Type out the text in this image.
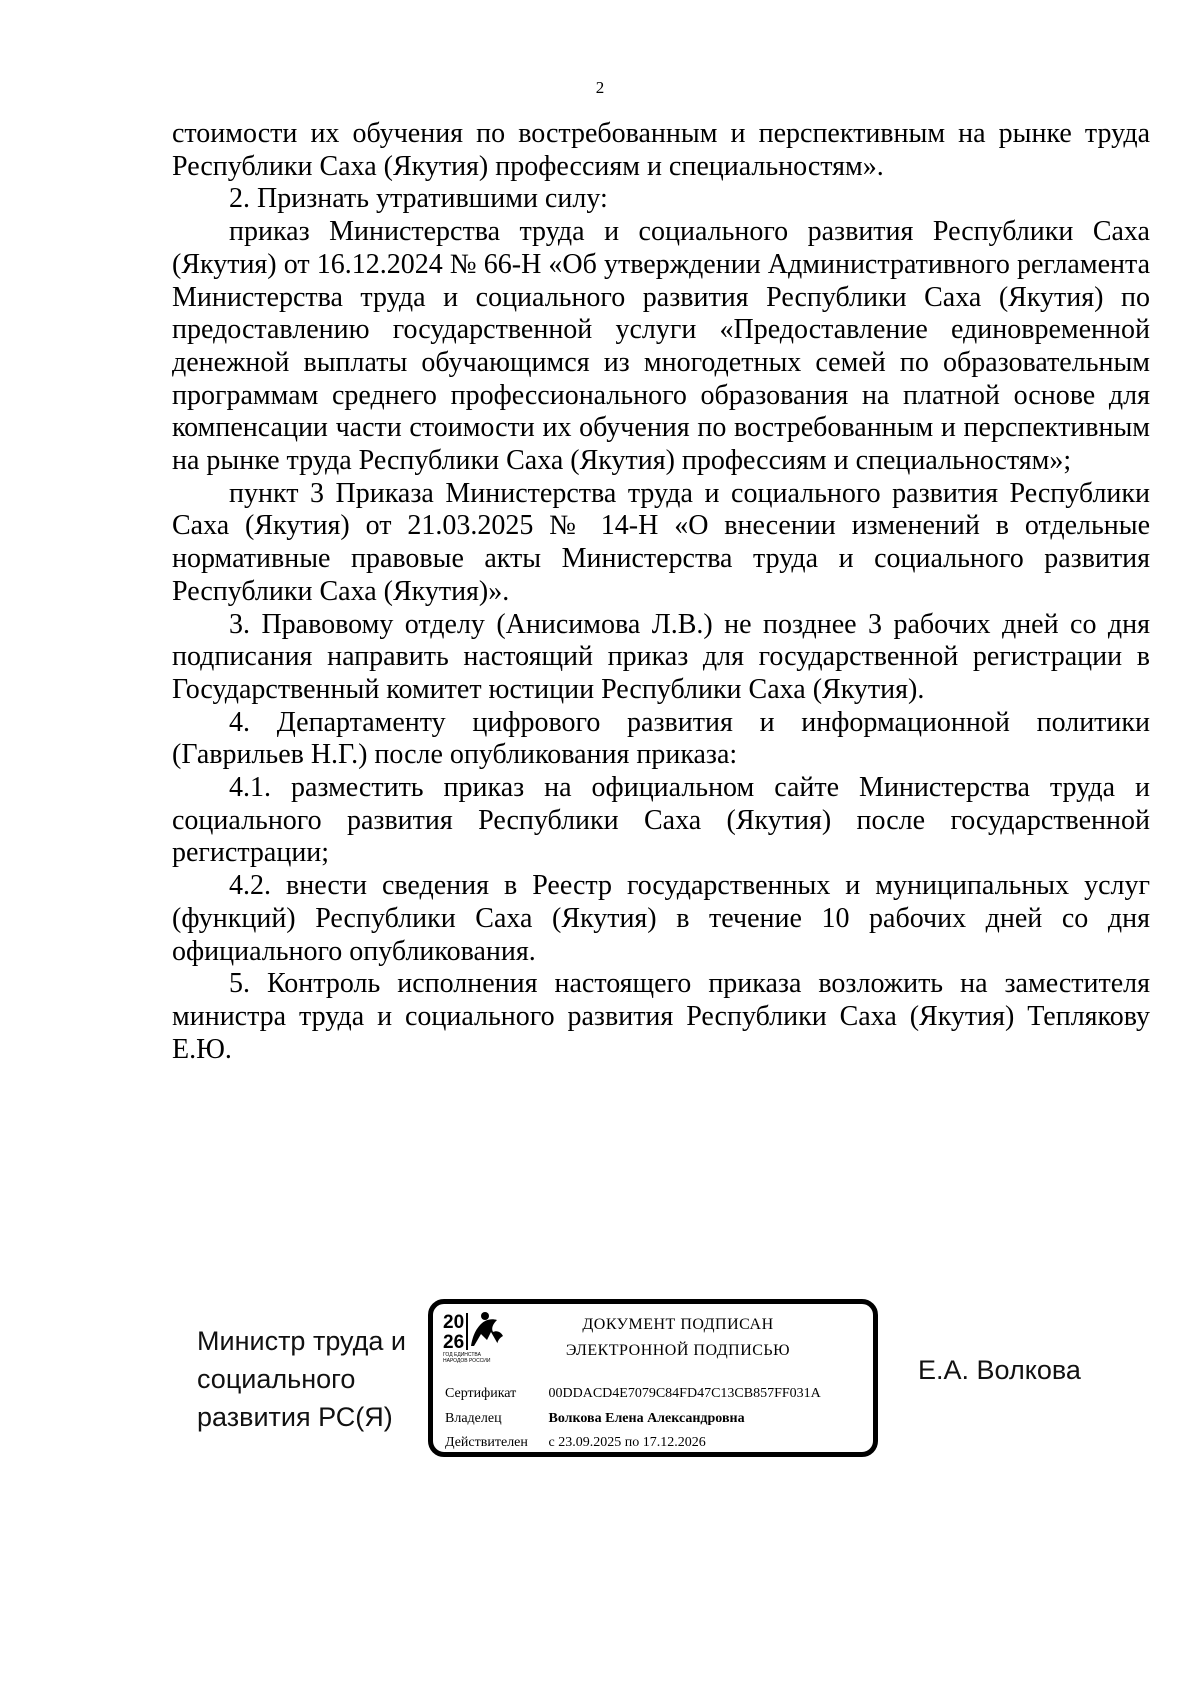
2

стоимости их обучения по востребованным и перспективным на рынке труда Республики Саха (Якутия) профессиям и специальностям».

2. Признать утратившими силу:

приказ Министерства труда и социального развития Республики Саха (Якутия) от 16.12.2024 № 66-Н «Об утверждении Административного регламента Министерства труда и социального развития Республики Саха (Якутия) по предоставлению государственной услуги «Предоставление единовременной денежной выплаты обучающимся из многодетных семей по образовательным программам среднего профессионального образования на платной основе для компенсации части стоимости их обучения по востребованным и перспективным на рынке труда Республики Саха (Якутия) профессиям и специальностям»;

пункт 3 Приказа Министерства труда и социального развития Республики Саха (Якутия) от 21.03.2025 № 14-Н «О внесении изменений в отдельные нормативные правовые акты Министерства труда и социального развития Республики Саха (Якутия)».

3. Правовому отделу (Анисимова Л.В.) не позднее 3 рабочих дней со дня подписания направить настоящий приказ для государственной регистрации в Государственный комитет юстиции Республики Саха (Якутия).

4. Департаменту цифрового развития и информационной политики (Гаврильев Н.Г.) после опубликования приказа:

4.1. разместить приказ на официальном сайте Министерства труда и социального развития Республики Саха (Якутия) после государственной регистрации;

4.2. внести сведения в Реестр государственных и муниципальных услуг (функций) Республики Саха (Якутия) в течение 10 рабочих дней со дня официального опубликования.

5. Контроль исполнения настоящего приказа возложить на заместителя министра труда и социального развития Республики Саха (Якутия) Теплякову Е.Ю.

Министр труда и
социального
развития РС(Я)
20
26
ГОД ЕДИНСТВА
НАРОДОВ РОССИИ
ДОКУМЕНТ ПОДПИСАН
ЭЛЕКТРОННОЙ ПОДПИСЬЮ
Сертификат 00DDACD4E7079C84FD47C13CB857FF031A
Владелец	Волкова Елена Александровна
Действителен с 23.09.2025 по 17.12.2026
Е.А. Волкова
